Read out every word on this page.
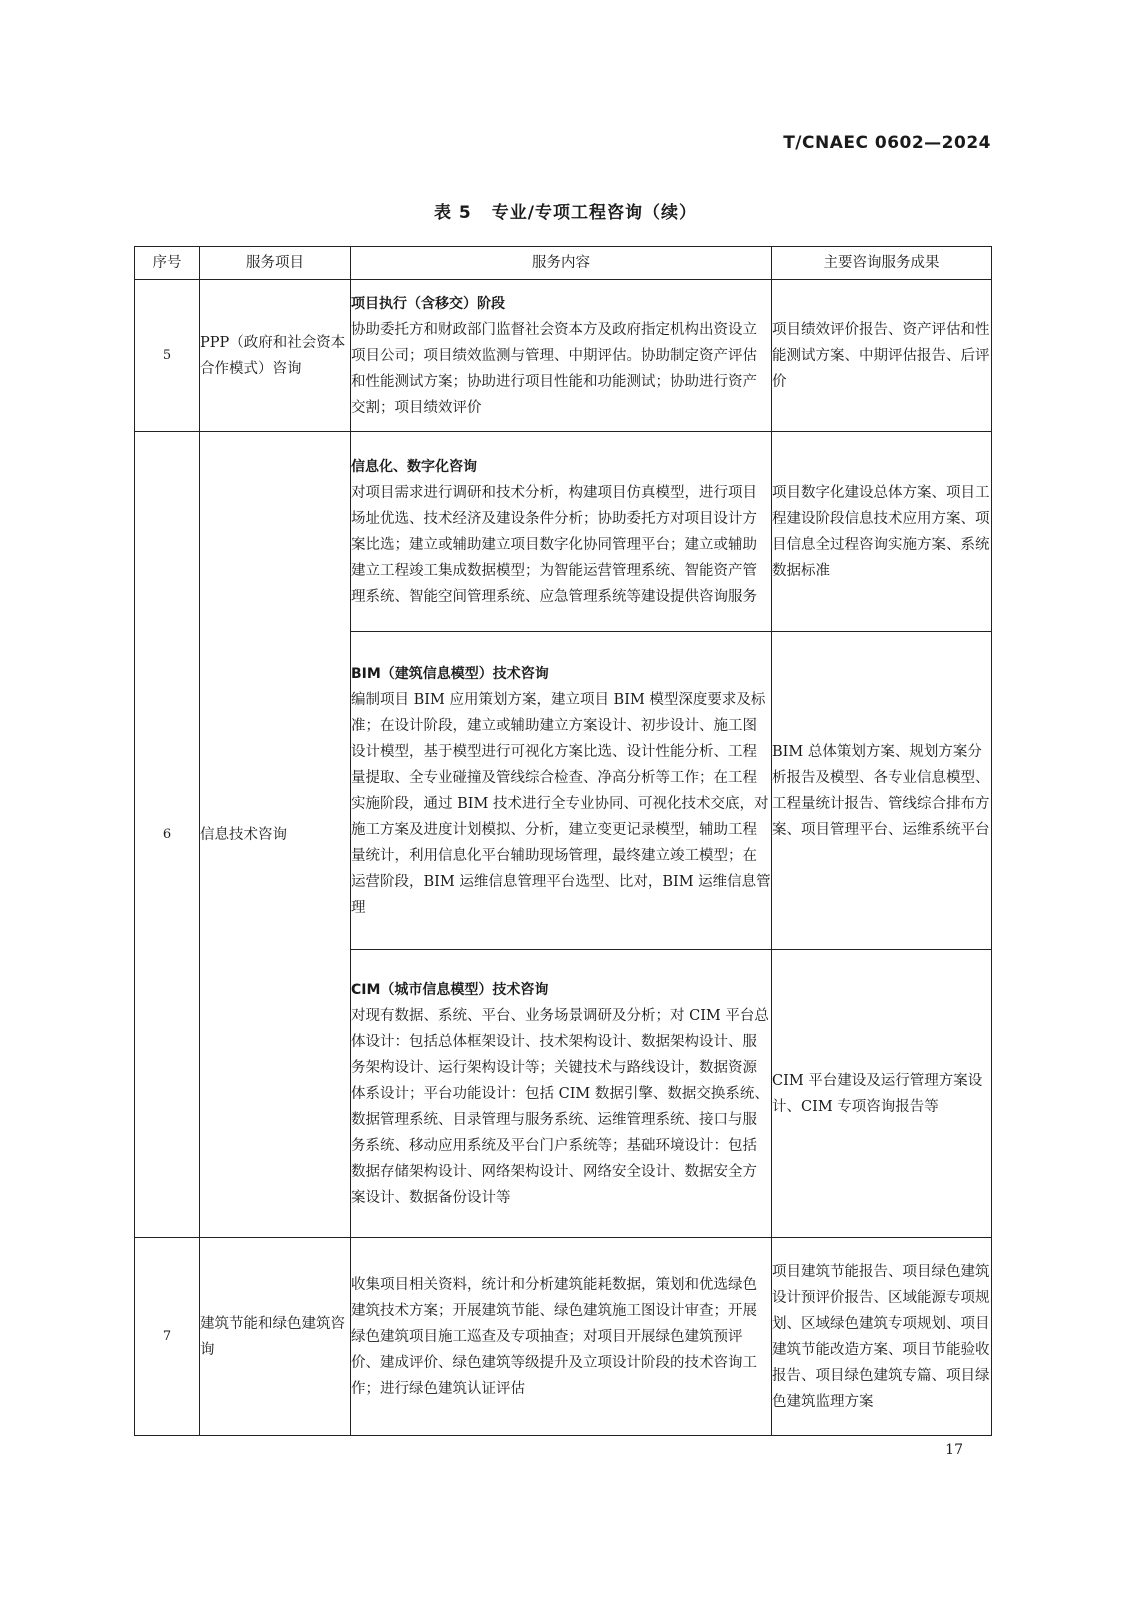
T/CNAEC 0602—2024
表 5 专业/专项工程咨询（续）
序号	服务项目	服务内容	主要咨询服务成果
5	PPP（政府和社会资本合作模式）咨询	项目执行（含移交）阶段
协助委托方和财政部门监督社会资本方及政府指定机构出资设立项目公司；项目绩效监测与管理、中期评估。协助制定资产评估和性能测试方案；协助进行项目性能和功能测试；协助进行资产交割；项目绩效评价	项目绩效评价报告、资产评估和性能测试方案、中期评估报告、后评价
6	信息技术咨询	信息化、数字化咨询
对项目需求进行调研和技术分析，构建项目仿真模型，进行项目场址优选、技术经济及建设条件分析；协助委托方对项目设计方案比选；建立或辅助建立项目数字化协同管理平台；建立或辅助建立工程竣工集成数据模型；为智能运营管理系统、智能资产管理系统、智能空间管理系统、应急管理系统等建设提供咨询服务	项目数字化建设总体方案、项目工程建设阶段信息技术应用方案、项目信息全过程咨询实施方案、系统数据标准

		BIM（建筑信息模型）技术咨询
编制项目 BIM 应用策划方案，建立项目 BIM 模型深度要求及标准；在设计阶段，建立或辅助建立方案设计、初步设计、施工图设计模型，基于模型进行可视化方案比选、设计性能分析、工程量提取、全专业碰撞及管线综合检查、净高分析等工作；在工程实施阶段，通过 BIM 技术进行全专业协同、可视化技术交底，对施工方案及进度计划模拟、分析，建立变更记录模型，辅助工程量统计，利用信息化平台辅助现场管理，最终建立竣工模型；在运营阶段，BIM 运维信息管理平台选型、比对，BIM 运维信息管理	BIM 总体策划方案、规划方案分析报告及模型、各专业信息模型、工程量统计报告、管线综合排布方案、项目管理平台、运维系统平台

		CIM（城市信息模型）技术咨询
对现有数据、系统、平台、业务场景调研及分析；对 CIM 平台总体设计：包括总体框架设计、技术架构设计、数据架构设计、服务架构设计、运行架构设计等；关键技术与路线设计，数据资源体系设计；平台功能设计：包括 CIM 数据引擎、数据交换系统、数据管理系统、目录管理与服务系统、运维管理系统、接口与服务系统、移动应用系统及平台门户系统等；基础环境设计：包括数据存储架构设计、网络架构设计、网络安全设计、数据安全方案设计、数据备份设计等	CIM 平台建设及运行管理方案设计、CIM 专项咨询报告等
7	建筑节能和绿色建筑咨询	收集项目相关资料，统计和分析建筑能耗数据，策划和优选绿色建筑技术方案；开展建筑节能、绿色建筑施工图设计审查；开展绿色建筑项目施工巡查及专项抽查；对项目开展绿色建筑预评价、建成评价、绿色建筑等级提升及立项设计阶段的技术咨询工作；进行绿色建筑认证评估	项目建筑节能报告、项目绿色建筑设计预评价报告、区域能源专项规划、区域绿色建筑专项规划、项目建筑节能改造方案、项目节能验收报告、项目绿色建筑专篇、项目绿色建筑监理方案
17
